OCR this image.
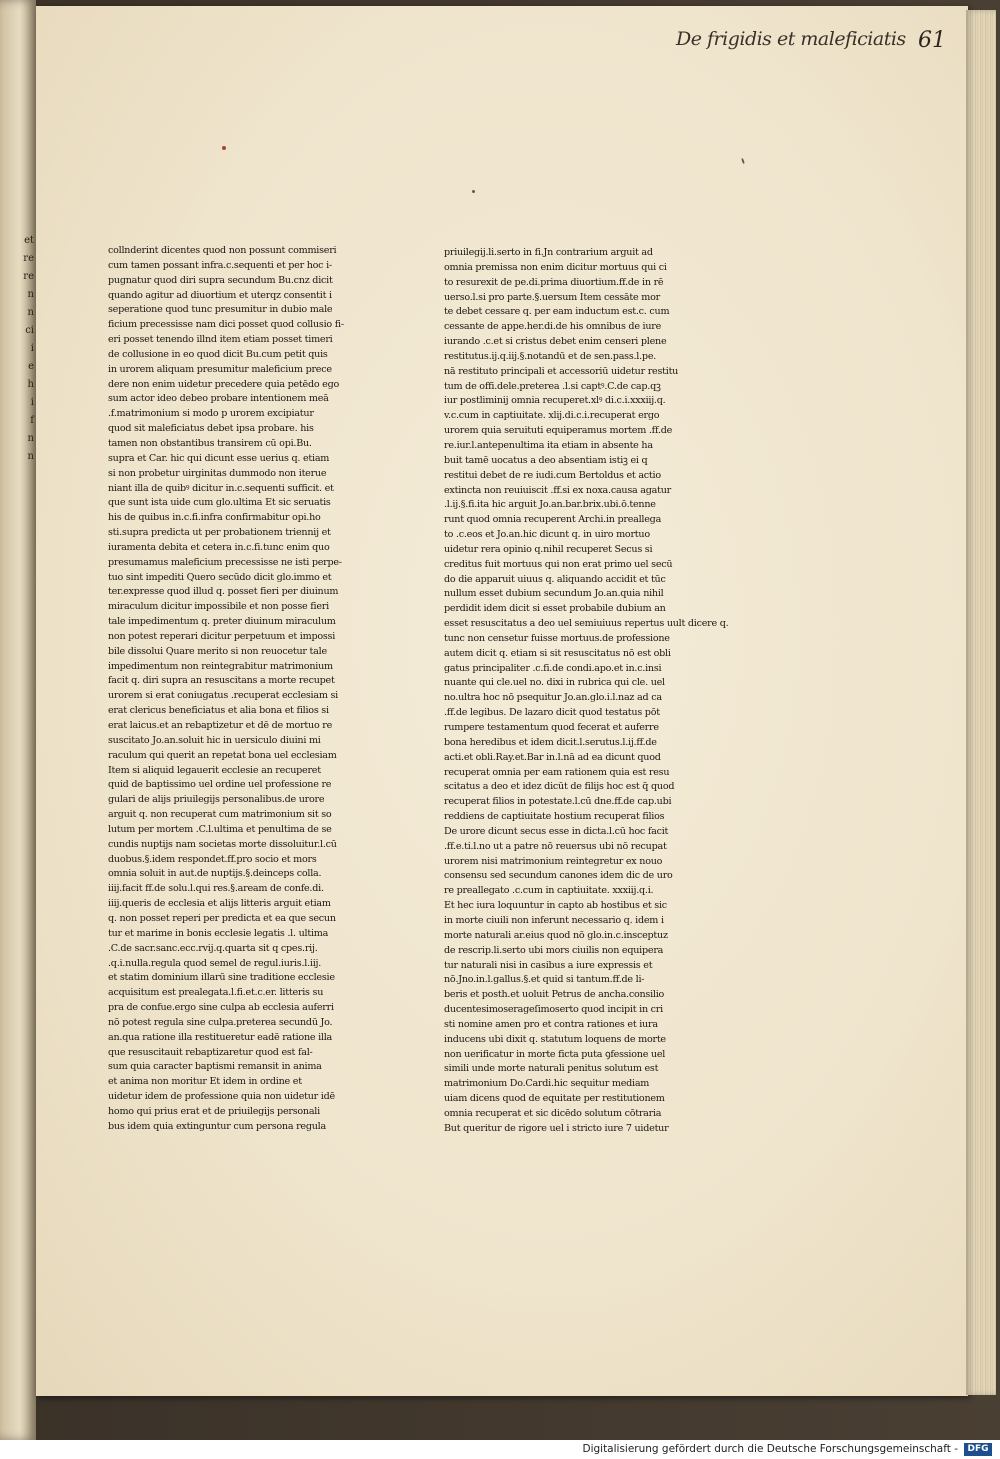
et
re
re
n
n
ci
i
e
h
i
f
n
n
De frigidis et maleficiatis 61
collnderint dicentes quod non possunt commiseri
cum tamen possant infra.c.sequenti et per hoc i-
pugnatur quod diri supra secundum Bu.cnz dicit
quando agitur ad diuortium et uterqz consentit i
seperatione quod tunc presumitur in dubio male
ficium precessisse nam dici posset quod collusio fi-
eri posset tenendo illnd item etiam posset timeri
de collusione in eo quod dicit Bu.cum petit quis
in urorem aliquam presumitur maleficium prece
dere non enim uidetur precedere quia petēdo ego
sum actor ideo debeo probare intentionem meā
.f.matrimonium si modo p urorem excipiatur
quod sit maleficiatus debet ipsa probare. his
tamen non obstantibus transirem cū opi.Bu.
supra et Car. hic qui dicunt esse uerius q. etiam
si non probetur uirginitas dummodo non iterue
niant illa de quibꝰ dicitur in.c.sequenti sufficit. et
que sunt ista uide cum glo.ultima Et sic seruatis
his de quibus in.c.fi.infra confirmabitur opi.ho
sti.supra predicta ut per probationem triennij et
iuramenta debita et cetera in.c.fi.tunc enim quo
presumamus maleficium precessisse ne isti perpe-
tuo sint impediti Quero secūdo dicit glo.immo et
ter.expresse quod illud q. posset fieri per diuinum
miraculum dicitur impossibile et non posse fieri
tale impedimentum q. preter diuinum miraculum
non potest reperari dicitur perpetuum et impossi
bile dissolui Quare merito si non reuocetur tale
impedimentum non reintegrabitur matrimonium
facit q. diri supra an resuscitans a morte recupet
urorem si erat coniugatus .recuperat ecclesiam si
erat clericus beneficiatus et alia bona et filios si
erat laicus.et an rebaptizetur et dē de mortuo re
suscitato Jo.an.soluit hic in uersiculo diuini mi
raculum qui querit an repetat bona uel ecclesiam
Item si aliquid legauerit ecclesie an recuperet
quid de baptissimo uel ordine uel professione re
gulari de alijs priuilegijs personalibus.de urore
arguit q. non recuperat cum matrimonium sit so
lutum per mortem .C.l.ultima et penultima de se
cundis nuptijs nam societas morte dissoluitur.l.cū
duobus.§.idem respondet.ff.pro socio et mors
omnia soluit in aut.de nuptijs.§.deinceps colla.
iiij.facit ff.de solu.l.qui res.§.aream de confe.di.
iiij.queris de ecclesia et alijs litteris arguit etiam
q. non posset reperi per predicta et ea que secun
tur et marime in bonis ecclesie legatis .l. ultima
.C.de sacr.sanc.ecc.rvij.q.quarta sit q cpes.rij.
.q.i.nulla.regula quod semel de regul.iuris.l.iij.
et statim dominium illarū sine traditione ecclesie
acquisitum est prealegata.l.fi.et.c.er. litteris su
pra de confue.ergo sine culpa ab ecclesia auferri
nō potest regula sine culpa.preterea secundū Jo.
an.qua ratione illa restitueretur eadē ratione illa
que resuscitauit rebaptizaretur quod est fal-
sum quia caracter baptismi remansit in anima
et anima non moritur Et idem in ordine et
uidetur idem de professione quia non uidetur idē
homo qui prius erat et de priuilegijs personali
bus idem quia extinguntur cum persona regula
priuilegij.li.serto in fi.Jn contrarium arguit ad
omnia premissa non enim dicitur mortuus qui ci
to resurexit de pe.di.prima diuortium.ff.de in rē
uerso.l.si pro parte.§.uersum Item cessāte mor
te debet cessare q. per eam inductum est.c. cum
cessante de appe.her.di.de his omnibus de iure
iurando .c.et si cristus debet enim censeri plene
restitutus.ij.q.iij.§.notandū et de sen.pass.l.pe.
nā restituto principali et accessoriū uidetur restitu
tum de offi.dele.preterea .l.si captꝰ.C.de cap.qꝫ
iur postliminij omnia recuperet.xlꝰ di.c.i.xxxiij.q.
v.c.cum in captiuitate. xlij.di.c.i.recuperat ergo
urorem quia seruituti equiperamus mortem .ff.de
re.iur.l.antepenultima ita etiam in absente ha
buit tamē uocatus a deo absentiam istiꝫ ei q
restitui debet de re iudi.cum Bertoldus et actio
extincta non reuiuiscit .ff.si ex noxa.causa agatur
.l.ij.§.fi.ita hic arguit Jo.an.bar.brix.ubi.ō.tenne
runt quod omnia recuperent Archi.in preallega
to .c.eos et Jo.an.hic dicunt q. in uiro mortuo
uidetur rera opinio q.nihil recuperet Secus si
creditus fuit mortuus qui non erat primo uel secū
do die apparuit uiuus q. aliquando accidit et tūc
nullum esset dubium secundum Jo.an.quia nihil
perdidit idem dicit si esset probabile dubium an
esset resuscitatus a deo uel semiuiuus repertus uult dicere q.
tunc non censetur fuisse mortuus.de professione
autem dicit q. etiam si sit resuscitatus nō est obli
gatus principaliter .c.fi.de condi.apo.et in.c.insi
nuante qui cle.uel no. dixi in rubrica qui cle. uel
no.ultra hoc nō psequitur Jo.an.glo.i.l.naz ad ca
.ff.de legibus. De lazaro dicit quod testatus pōt
rumpere testamentum quod fecerat et auferre
bona heredibus et idem dicit.l.serutus.l.ij.ff.de
acti.et obli.Ray.et.Bar in.l.nā ad ea dicunt quod
recuperat omnia per eam rationem quia est resu
scitatus a deo et idez dicūt de filijs hoc est q̄ quod
recuperat filios in potestate.l.cū dne.ff.de cap.ubi
reddiens de captiuitate hostium recuperat filios
De urore dicunt secus esse in dicta.l.cū hoc facit
.ff.e.ti.l.no ut a patre nō reuersus ubi nō recupat
urorem nisi matrimonium reintegretur ex nouo
consensu sed secundum canones idem dic de uro
re preallegato .c.cum in captiuitate. xxxiij.q.i.
Et hec iura loquuntur in capto ab hostibus et sic
in morte ciuili non inferunt necessario q. idem i
morte naturali ar.eius quod nō glo.in.c.insceptuz
de rescrip.li.serto ubi mors ciuilis non equipera
tur naturali nisi in casibus a iure expressis et
nō.Jno.in.l.gallus.§.et quid si tantum.ff.de li-
beris et posth.et uoluit Petrus de ancha.consilio
ducentesimoserageſimoserto quod incipit in cri
sti nomine amen pro et contra rationes et iura
inducens ubi dixit q. statutum loquens de morte
non uerificatur in morte ficta puta ꝯfessione uel
simili unde morte naturali penitus solutum est
matrimonium Do.Cardi.hic sequitur mediam
uiam dicens quod de equitate per restitutionem
omnia recuperat et sic dicēdo solutum cōtraria
But queritur de rigore uel i stricto iure 7 uidetur
Digitalisierung gefördert durch die Deutsche Forschungsgemeinschaft -	DFG
